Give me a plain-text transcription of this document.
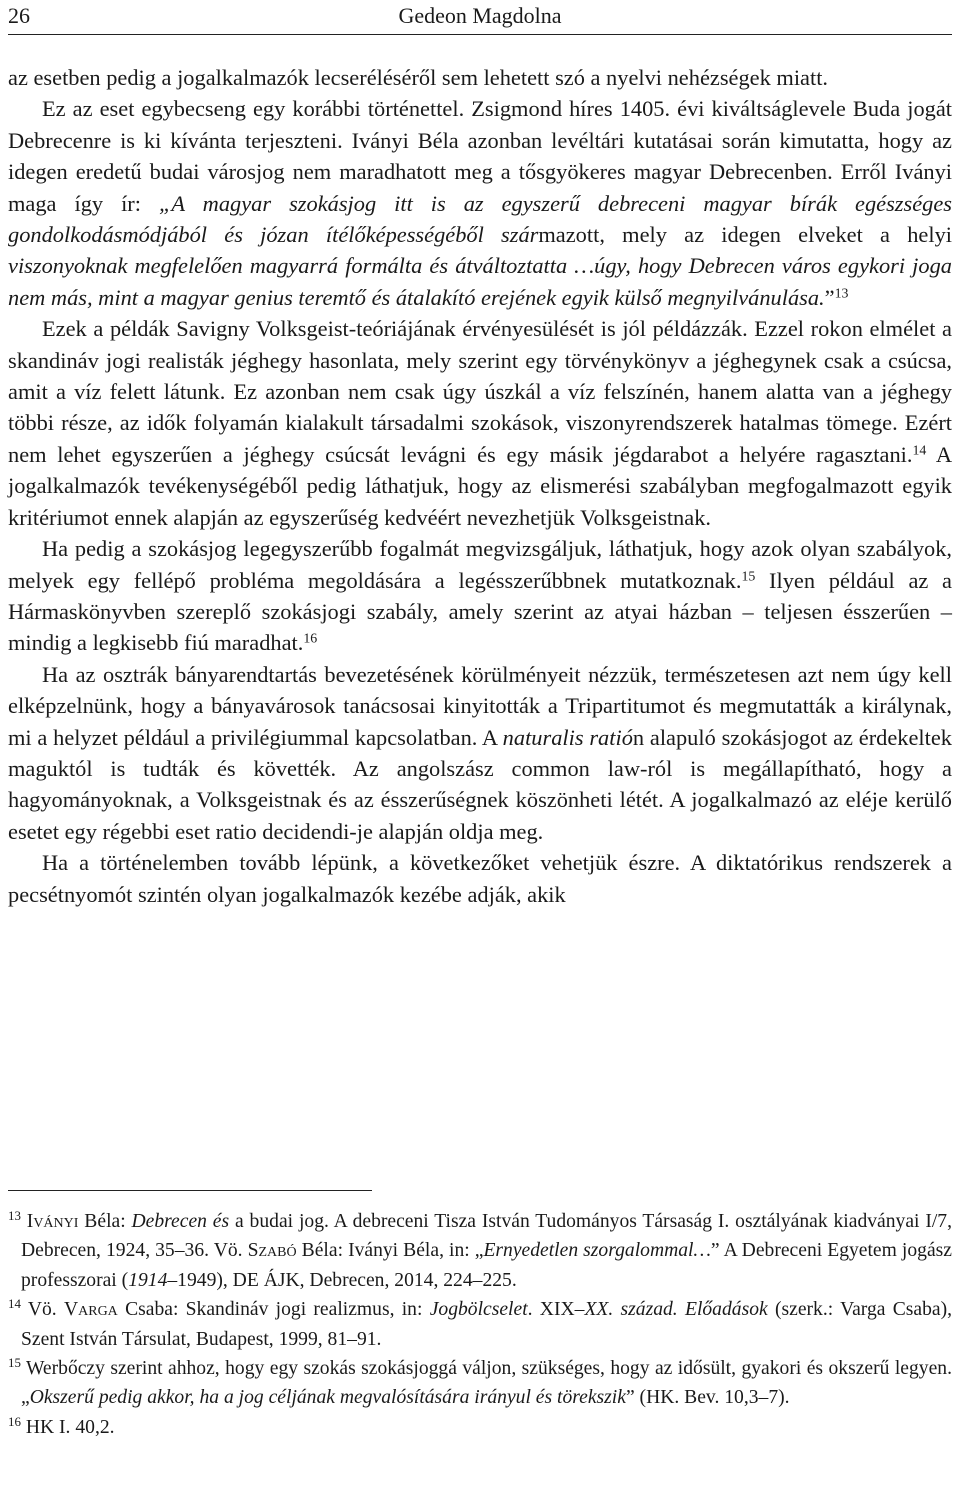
26	Gedeon Magdolna

az esetben pedig a jogalkalmazók lecseréléséről sem lehetett szó a nyelvi nehézségek miatt.

Ez az eset egybecseng egy korábbi történettel. Zsigmond híres 1405. évi kiváltságlevele Buda jogát Debrecenre is ki kívánta terjeszteni. Iványi Béla azonban levéltári kutatásai során kimutatta, hogy az idegen eredetű budai városjog nem maradhatott meg a tősgyökeres magyar Debrecenben. Erről Iványi maga így ír: „A magyar szokásjog itt is az egyszerű debreceni magyar bírák egészséges gondolkodásmódjából és józan ítélőképességéből származott, mely az idegen elveket a helyi viszonyoknak megfelelően magyarrá formálta és átváltoztatta …úgy, hogy Debrecen város egykori joga nem más, mint a magyar genius teremtő és átalakító erejének egyik külső megnyilvánulása.”$^{13}$

Ezek a példák Savigny Volksgeist-teóriájának érvényesülését is jól példázzák. Ezzel rokon elmélet a skandináv jogi realisták jéghegy hasonlata, mely szerint egy törvénykönyv a jéghegynek csak a csúcsa, amit a víz felett látunk. Ez azonban nem csak úgy úszkál a víz felszínén, hanem alatta van a jéghegy többi része, az idők folyamán kialakult társadalmi szokások, viszonyrendszerek hatalmas tömege. Ezért nem lehet egyszerűen a jéghegy csúcsát levágni és egy másik jégdarabot a helyére ragasztani.$^{14}$ A jogalkalmazók tevékenységéből pedig láthatjuk, hogy az elismerési szabályban megfogalmazott egyik kritériumot ennek alapján az egyszerűség kedvéért nevezhetjük Volksgeistnak.

Ha pedig a szokásjog legegyszerűbb fogalmát megvizsgáljuk, láthatjuk, hogy azok olyan szabályok, melyek egy fellépő probléma megoldására a legésszerűbbnek mutatkoznak.$^{15}$ Ilyen például az a Hármaskönyvben szereplő szokásjogi szabály, amely szerint az atyai házban – teljesen ésszerűen – mindig a legkisebb fiú maradhat.$^{16}$

Ha az osztrák bányarendtartás bevezetésének körülményeit nézzük, természetesen azt nem úgy kell elképzelnünk, hogy a bányavárosok tanácsosai kinyitották a Tripartitumot és megmutatták a királynak, mi a helyzet például a privilégiummal kapcsolatban. A naturalis ratión alapuló szokásjogot az érdekeltek maguktól is tudták és követték. Az angolszász common law-ról is megállapítható, hogy a hagyományoknak, a Volksgeistnak és az ésszerűségnek köszönheti létét. A jogalkalmazó az eléje kerülő esetet egy régebbi eset ratio decidendi-je alapján oldja meg.

Ha a történelemben tovább lépünk, a következőket vehetjük észre. A diktatórikus rendszerek a pecsétnyomót szintén olyan jogalkalmazók kezébe adják, akik

$^{13}$ Iványi Béla: Debrecen és a budai jog. A debreceni Tisza István Tudományos Társaság I. osztályának kiadványai I/7, Debrecen, 1924, 35–36. Vö. Szabó Béla: Iványi Béla, in: „Ernyedetlen szorgalommal…” A Debreceni Egyetem jogász professzorai (1914–1949), DE ÁJK, Debrecen, 2014, 224–225.
$^{14}$ Vö. Varga Csaba: Skandináv jogi realizmus, in: Jogbölcselet. XIX–XX. század. Előadások (szerk.: Varga Csaba), Szent István Társulat, Budapest, 1999, 81–91.
$^{15}$ Werbőczy szerint ahhoz, hogy egy szokás szokásjoggá váljon, szükséges, hogy az idősült, gyakori és okszerű legyen. „Okszerű pedig akkor, ha a jog céljának megvalósítására irányul és törekszik” (HK. Bev. 10,3–7).
$^{16}$ HK I. 40,2.
